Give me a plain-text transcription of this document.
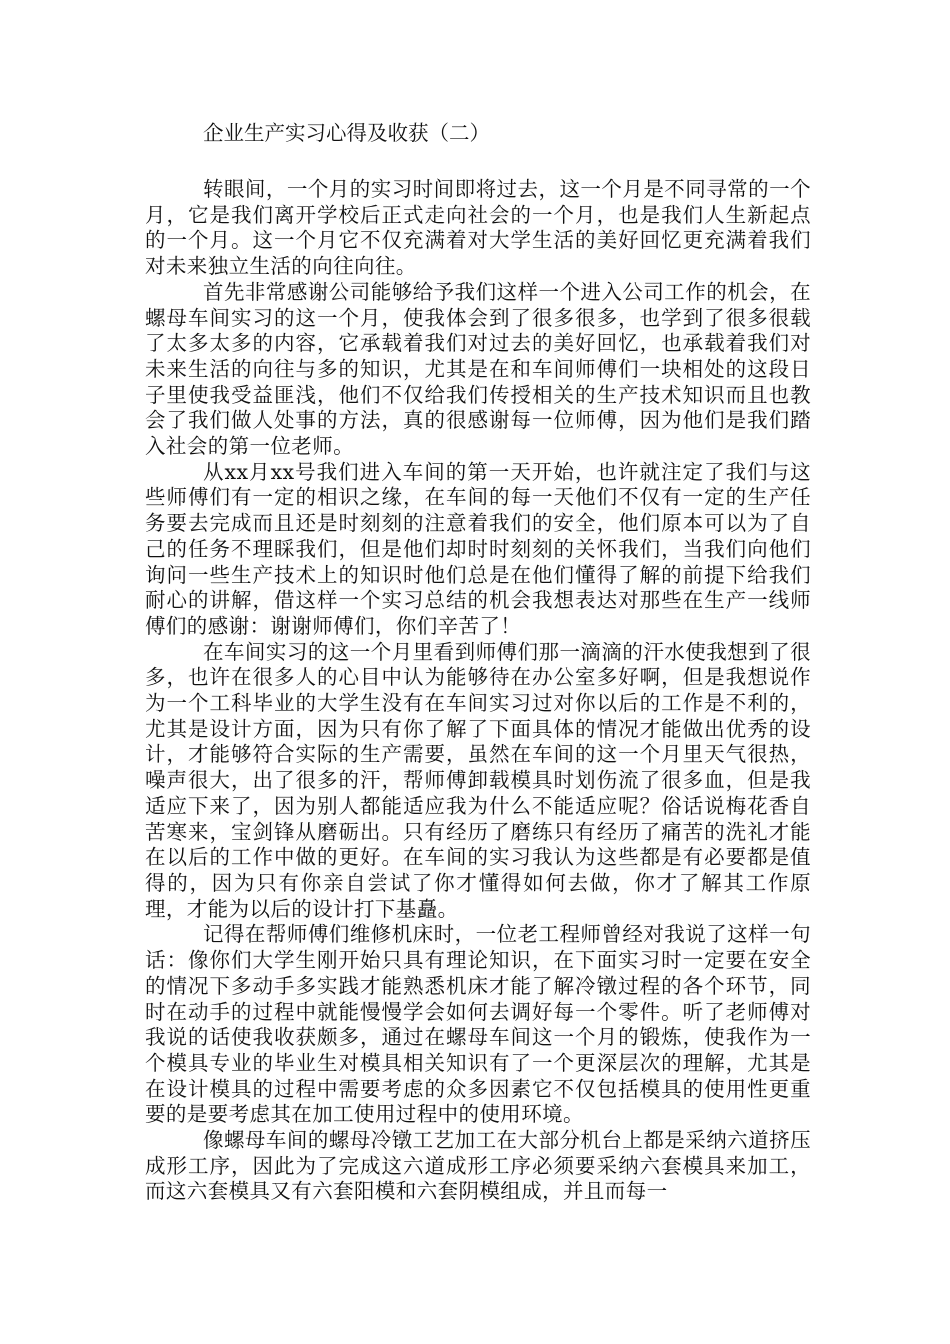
企业生产实习心得及收获（二）

转眼间，一个月的实习时间即将过去，这一个月是不同寻常的一个月，它是我们离开学校后正式走向社会的一个月，也是我们人生新起点的一个月。这一个月它不仅充满着对大学生活的美好回忆更充满着我们对未来独立生活的向往向往。

首先非常感谢公司能够给予我们这样一个进入公司工作的机会，在螺母车间实习的这一个月，使我体会到了很多很多，也学到了很多很载了太多太多的内容，它承载着我们对过去的美好回忆，也承载着我们对未来生活的向往与多的知识，尤其是在和车间师傅们一块相处的这段日子里使我受益匪浅，他们不仅给我们传授相关的生产技术知识而且也教会了我们做人处事的方法，真的很感谢每一位师傅，因为他们是我们踏入社会的第一位老师。

从xx月xx号我们进入车间的第一天开始，也许就注定了我们与这些师傅们有一定的相识之缘，在车间的每一天他们不仅有一定的生产任务要去完成而且还是时刻刻的注意着我们的安全，他们原本可以为了自己的任务不理睬我们，但是他们却时时刻刻的关怀我们，当我们向他们询问一些生产技术上的知识时他们总是在他们懂得了解的前提下给我们耐心的讲解，借这样一个实习总结的机会我想表达对那些在生产一线师傅们的感谢：谢谢师傅们，你们辛苦了！

在车间实习的这一个月里看到师傅们那一滴滴的汗水使我想到了很多，也许在很多人的心目中认为能够待在办公室多好啊，但是我想说作为一个工科毕业的大学生没有在车间实习过对你以后的工作是不利的，尤其是设计方面，因为只有你了解了下面具体的情况才能做出优秀的设计，才能够符合实际的生产需要，虽然在车间的这一个月里天气很热，噪声很大，出了很多的汗，帮师傅卸载模具时划伤流了很多血，但是我适应下来了，因为别人都能适应我为什么不能适应呢？俗话说梅花香自苦寒来，宝剑锋从磨砺出。只有经历了磨练只有经历了痛苦的洗礼才能在以后的工作中做的更好。在车间的实习我认为这些都是有必要都是值得的，因为只有你亲自尝试了你才懂得如何去做，你才了解其工作原理，才能为以后的设计打下基矗。

记得在帮师傅们维修机床时，一位老工程师曾经对我说了这样一句话：像你们大学生刚开始只具有理论知识，在下面实习时一定要在安全的情况下多动手多实践才能熟悉机床才能了解冷镦过程的各个环节，同时在动手的过程中就能慢慢学会如何去调好每一个零件。听了老师傅对我说的话使我收获颇多，通过在螺母车间这一个月的锻炼，使我作为一个模具专业的毕业生对模具相关知识有了一个更深层次的理解，尤其是在设计模具的过程中需要考虑的众多因素它不仅包括模具的使用性更重要的是要考虑其在加工使用过程中的使用环境。

像螺母车间的螺母冷镦工艺加工在大部分机台上都是采纳六道挤压成形工序，因此为了完成这六道成形工序必须要采纳六套模具来加工，而这六套模具又有六套阳模和六套阴模组成，并且而每一
